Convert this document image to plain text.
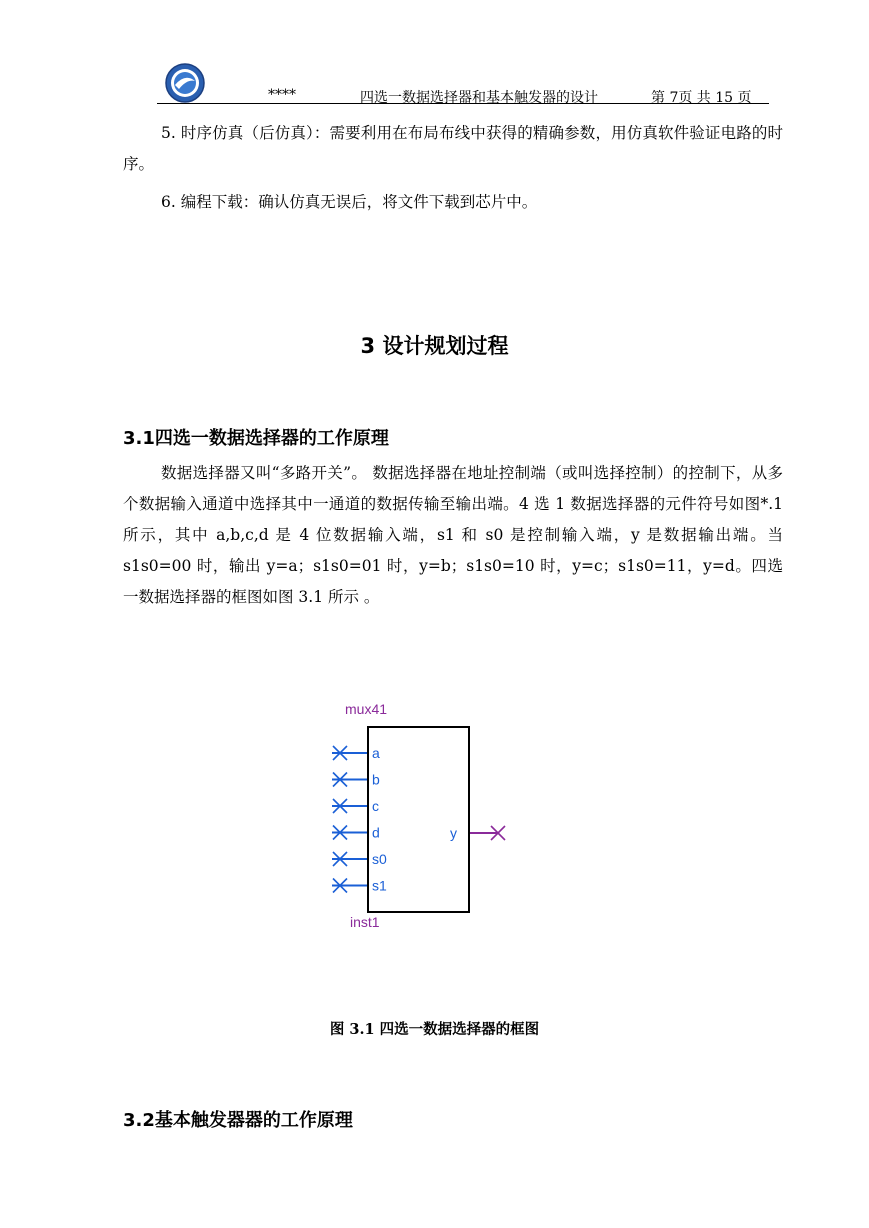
****	四选一数据选择器和基本触发器的设计	第 7页 共 15 页
5. 时序仿真（后仿真）：需要利用在布局布线中获得的精确参数，用仿真软件验证电路的时序。
6. 编程下载：确认仿真无误后，将文件下载到芯片中。
3 设计规划过程
3.1四选一数据选择器的工作原理
数据选择器又叫“多路开关”。 数据选择器在地址控制端（或叫选择控制）的控制下，从多个数据输入通道中选择其中一通道的数据传输至输出端。4 选 1 数据选择器的元件符号如图*.1 所示，其中 a,b,c,d 是 4 位数据输入端，s1 和 s0 是控制输入端，y 是数据输出端。当 s1s0=00 时，输出 y=a；s1s0=01 时，y=b；s1s0=10 时，y=c；s1s0=11，y=d。四选一数据选择器的框图如图 3.1 所示 。
mux41
a
b
c
d
s0
s1
y
inst1
图 3.1 四选一数据选择器的框图
3.2基本触发器器的工作原理
